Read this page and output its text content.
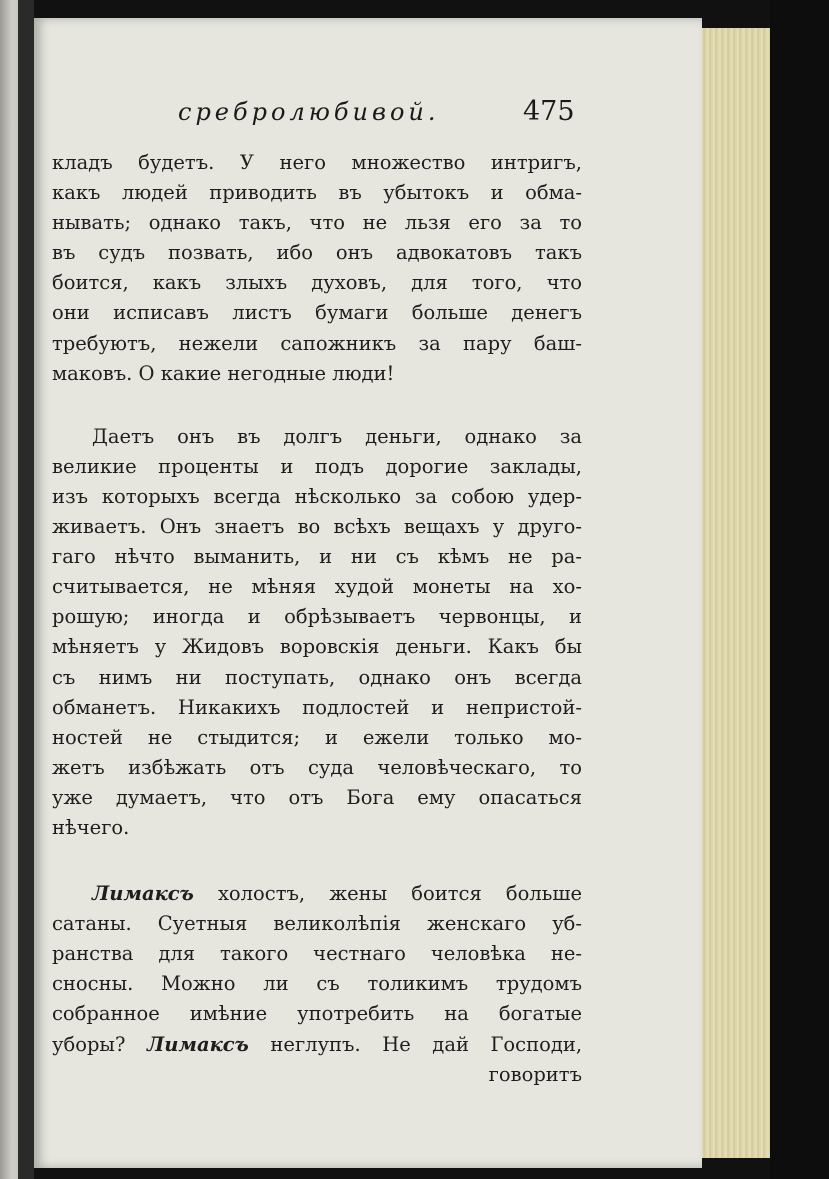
сребролюбивой.	475
кладъ будетъ. У него множество интригъ,
какъ людей приводить въ убытокъ и обма-
нывать; однако такъ, что не льзя его за то
въ судъ позвать, ибо онъ адвокатовъ такъ
боится, какъ злыхъ духовъ, для того, что
они исписавъ листъ бумаги больше денегъ
требуютъ, нежели сапожникъ за пару баш-
маковъ. О какие негодные люди!
Даетъ онъ въ долгъ деньги, однако за
великие проценты и подъ дорогие заклады,
изъ которыхъ всегда нѣсколько за собою удер-
живаетъ. Онъ знаетъ во всѣхъ вещахъ у друго-
гаго нѣчто выманить, и ни съ кѣмъ не ра-
считывается, не мѣняя худой монеты на хо-
рошую; иногда и обрѣзываетъ червонцы, и
мѣняетъ у Жидовъ воровскія деньги. Какъ бы
съ нимъ ни поступать, однако онъ всегда
обманетъ. Никакихъ подлостей и непристой-
ностей не стыдится; и ежели только мо-
жетъ избѣжать отъ суда человѣческаго, то
уже думаетъ, что отъ Бога ему опасаться
нѣчего.
Лимаксъ холостъ, жены боится больше
сатаны. Суетныя великолѣпія женскаго уб-
ранства для такого честнаго человѣка не-
сносны. Можно ли съ толикимъ трудомъ
собранное имѣние употребить на богатые
уборы? Лимаксъ неглупъ. Не дай Господи,
говоритъ
